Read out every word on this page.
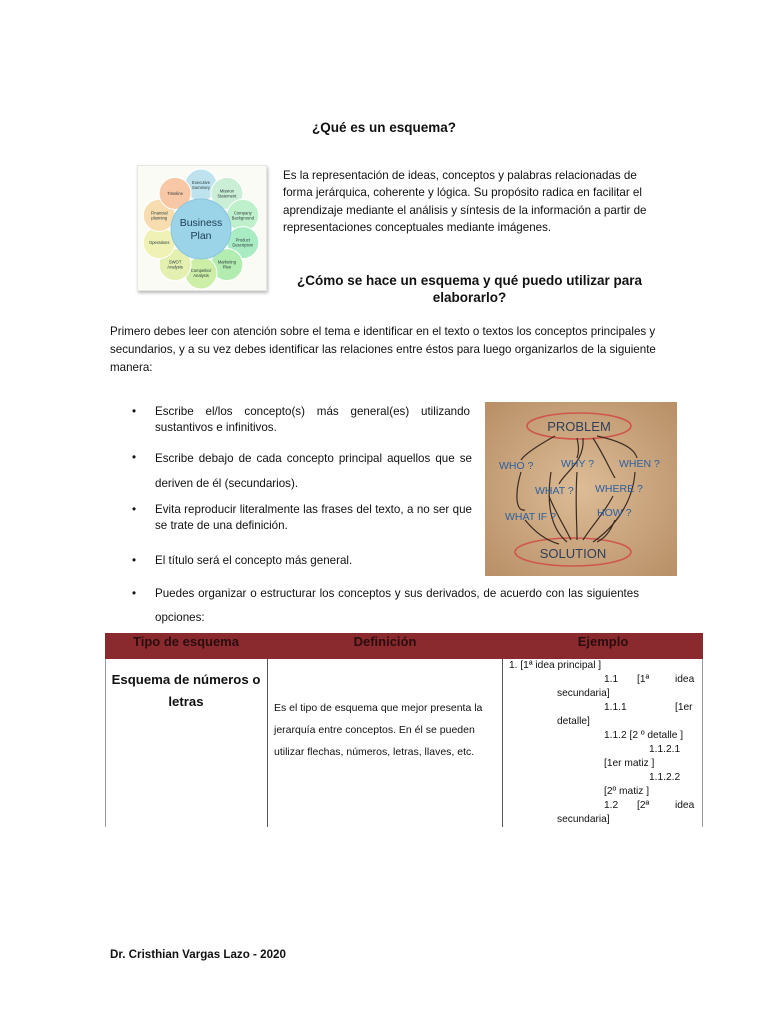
¿Qué es un esquema?
Executive
Summary
Mission
Statement
Company
Background
Product
Description
Marketing
Plan
Competitor
Analysis
SWOT
Analysis
Operations
Financial
planning
Timeline
Business
Plan
Es la representación de ideas, conceptos y palabras relacionadas de forma jerárquica, coherente y lógica. Su propósito radica en facilitar el aprendizaje mediante el análisis y síntesis de la información a partir de representaciones conceptuales mediante imágenes.
¿Cómo se hace un esquema y qué puedo utilizar para elaborarlo?
Primero debes leer con atención sobre el tema e identificar en el texto o textos los conceptos principales y secundarios, y a su vez debes identificar las relaciones entre éstos para luego organizarlos de la siguiente manera:
• Escribe el/los concepto(s) más general(es) utilizando sustantivos e infinitivos.
• Escribe debajo de cada concepto principal aquellos que se deriven de él (secundarios).
• Evita reproducir literalmente las frases del texto, a no ser que se trate de una definición.
• El título será el concepto más general.
• Puedes organizar o estructurar los conceptos y sus derivados, de acuerdo con las siguientes opciones:
PROBLEM
SOLUTION
WHO ?	WHY ? WHEN ?
WHAT ? WHERE ?
WHAT IF ?	HOW ?
Tipo de esquema	Definición	Ejemplo
Esquema de números o letras	Es el tipo de esquema que mejor presenta la jerarquía entre conceptos. En él se pueden utilizar flechas, números, letras, llaves, etc.
1. [1ª idea principal ]
1.1 [1ª	idea
secundaria]
1.1.1	[1er
detalle]
1.1.2 [2 º detalle ]
1.1.2.1
[1er matiz ]
1.1.2.2
[2º matiz ]
1.2 [2ª	idea
secundaria]
Dr. Cristhian Vargas Lazo - 2020
